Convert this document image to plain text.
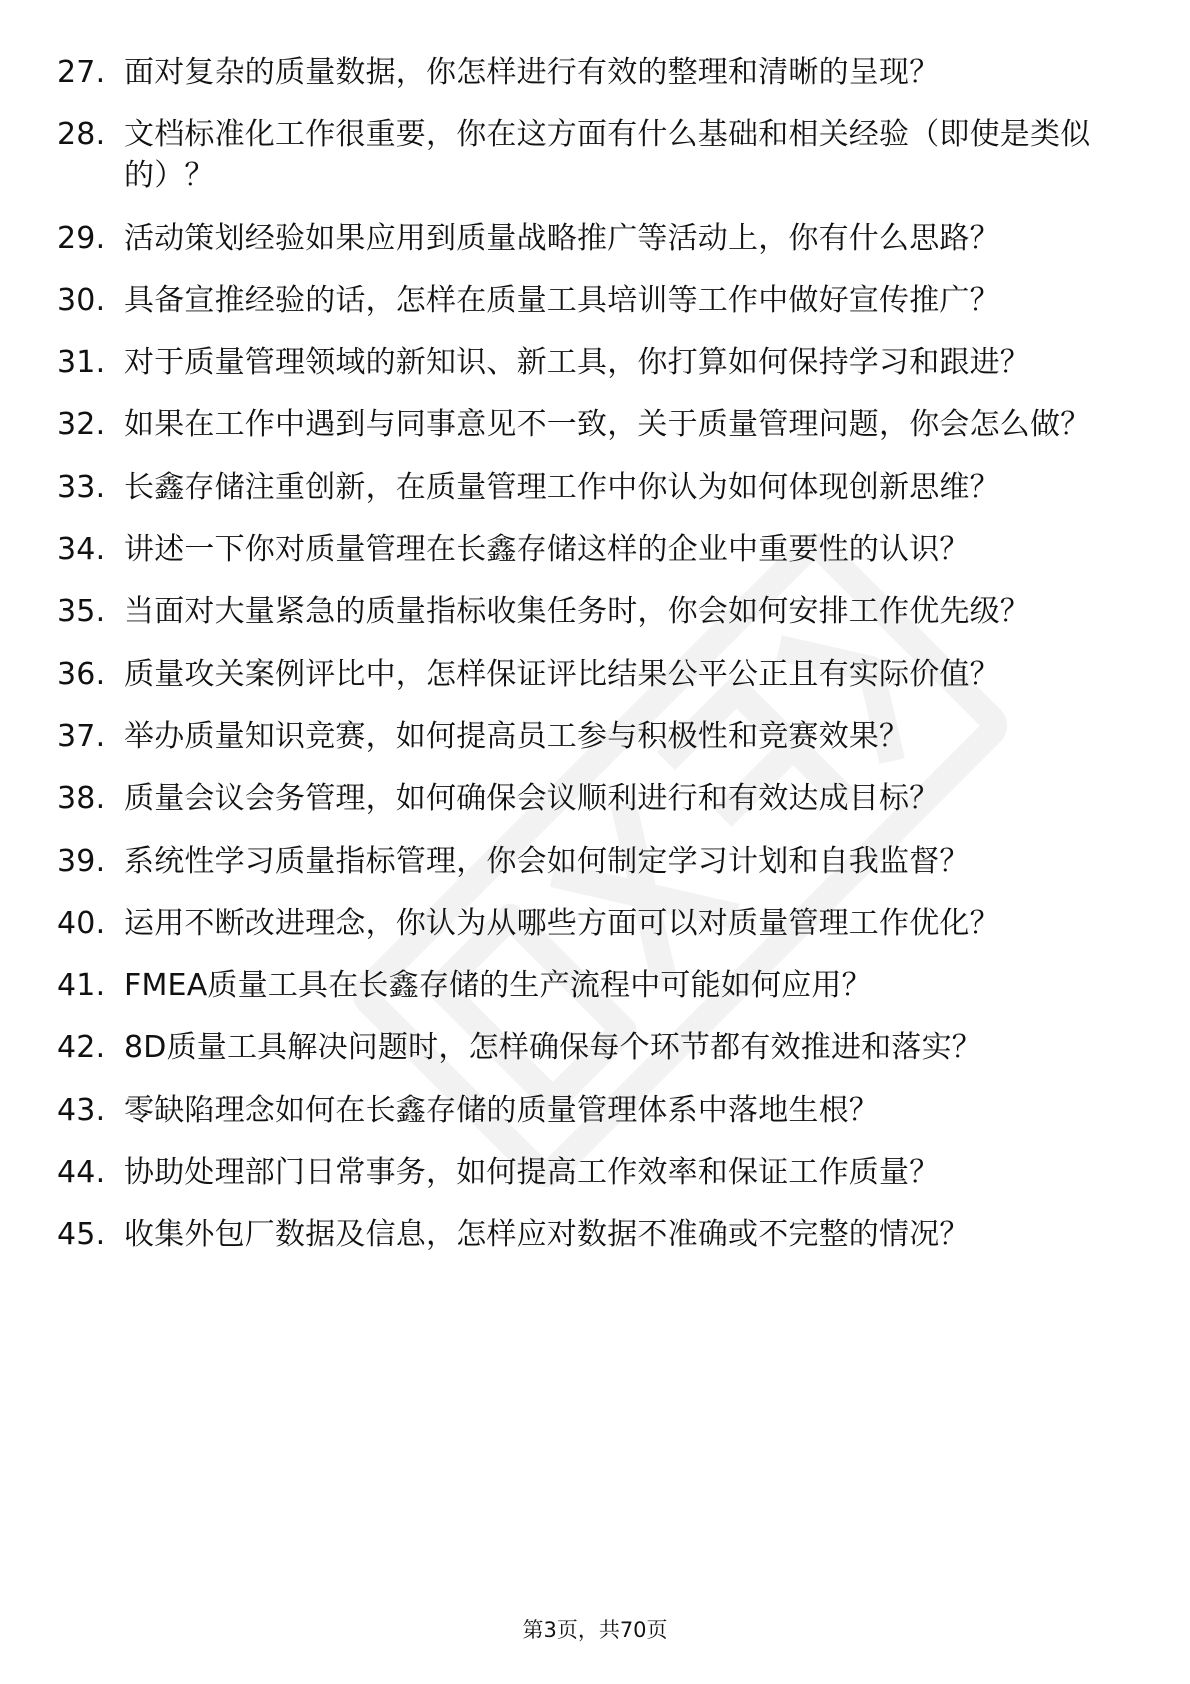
27. 面对复杂的质量数据，你怎样进行有效的整理和清晰的呈现？
28. 文档标准化工作很重要，你在这方面有什么基础和相关经验（即使是类似的）？
29. 活动策划经验如果应用到质量战略推广等活动上，你有什么思路？
30. 具备宣推经验的话，怎样在质量工具培训等工作中做好宣传推广？
31. 对于质量管理领域的新知识、新工具，你打算如何保持学习和跟进？
32. 如果在工作中遇到与同事意见不一致，关于质量管理问题，你会怎么做？
33. 长鑫存储注重创新，在质量管理工作中你认为如何体现创新思维？
34. 讲述一下你对质量管理在长鑫存储这样的企业中重要性的认识？
35. 当面对大量紧急的质量指标收集任务时，你会如何安排工作优先级？
36. 质量攻关案例评比中，怎样保证评比结果公平公正且有实际价值？
37. 举办质量知识竞赛，如何提高员工参与积极性和竞赛效果？
38. 质量会议会务管理，如何确保会议顺利进行和有效达成目标？
39. 系统性学习质量指标管理，你会如何制定学习计划和自我监督？
40. 运用不断改进理念，你认为从哪些方面可以对质量管理工作优化？
41. FMEA质量工具在长鑫存储的生产流程中可能如何应用？
42. 8D质量工具解决问题时，怎样确保每个环节都有效推进和落实？
43. 零缺陷理念如何在长鑫存储的质量管理体系中落地生根？
44. 协助处理部门日常事务，如何提高工作效率和保证工作质量？
45. 收集外包厂数据及信息，怎样应对数据不准确或不完整的情况？
第3页，共70页
